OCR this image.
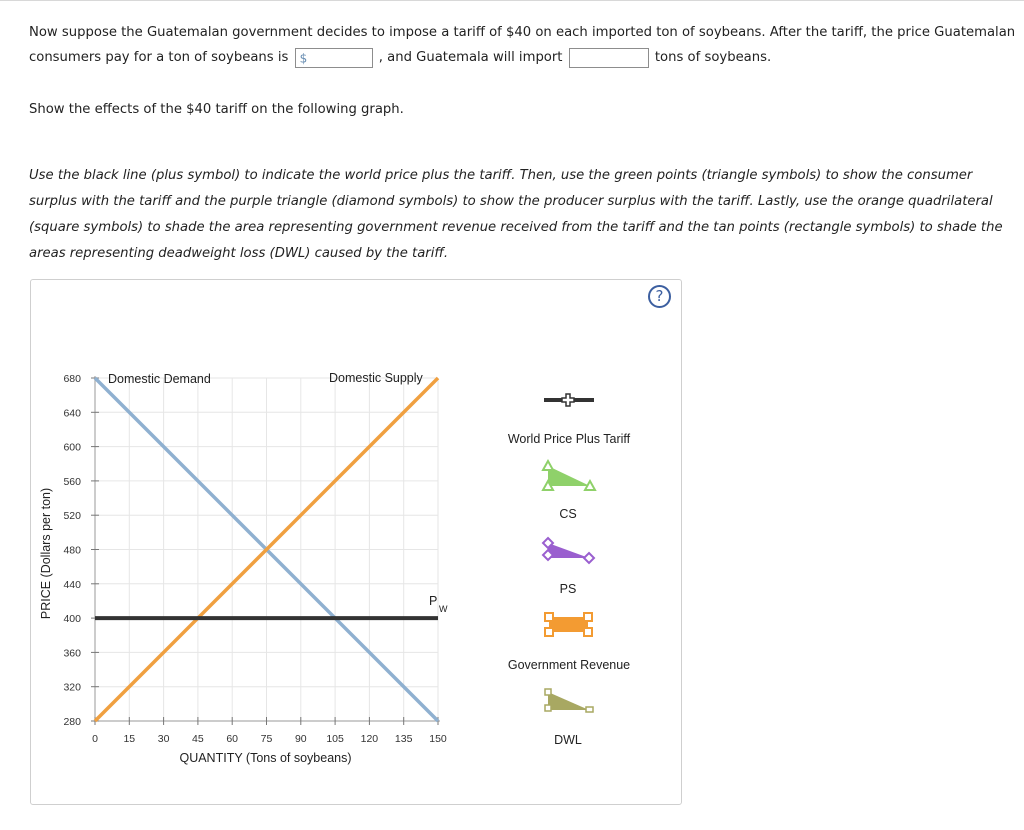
Now suppose the Guatemalan government decides to impose a tariff of $40 on each imported ton of soybeans. After the tariff, the price Guatemalan
consumers pay for a ton of soybeans is $	, and Guatemala will import	tons of soybeans.
Show the effects of the $40 tariff on the following graph.
Use the black line (plus symbol) to indicate the world price plus the tariff. Then, use the green points (triangle symbols) to show the consumer surplus with the tariff and the purple triangle (diamond symbols) to show the producer surplus with the tariff. Lastly, use the orange quadrilateral (square symbols) to shade the area representing government revenue received from the tariff and the tan points (rectangle symbols) to shade the areas representing deadweight loss (DWL) caused by the tariff.
?
0 15 30 45 60 75 90 105 120 135 150
280
320
360
400
440
480
520
560
600
640
680
QUANTITY (Tons of soybeans)
PRICE (Dollars per ton)
Domestic Demand	Domestic Supply
P
W
World Price Plus Tariff
CS
PS
Government Revenue
DWL
